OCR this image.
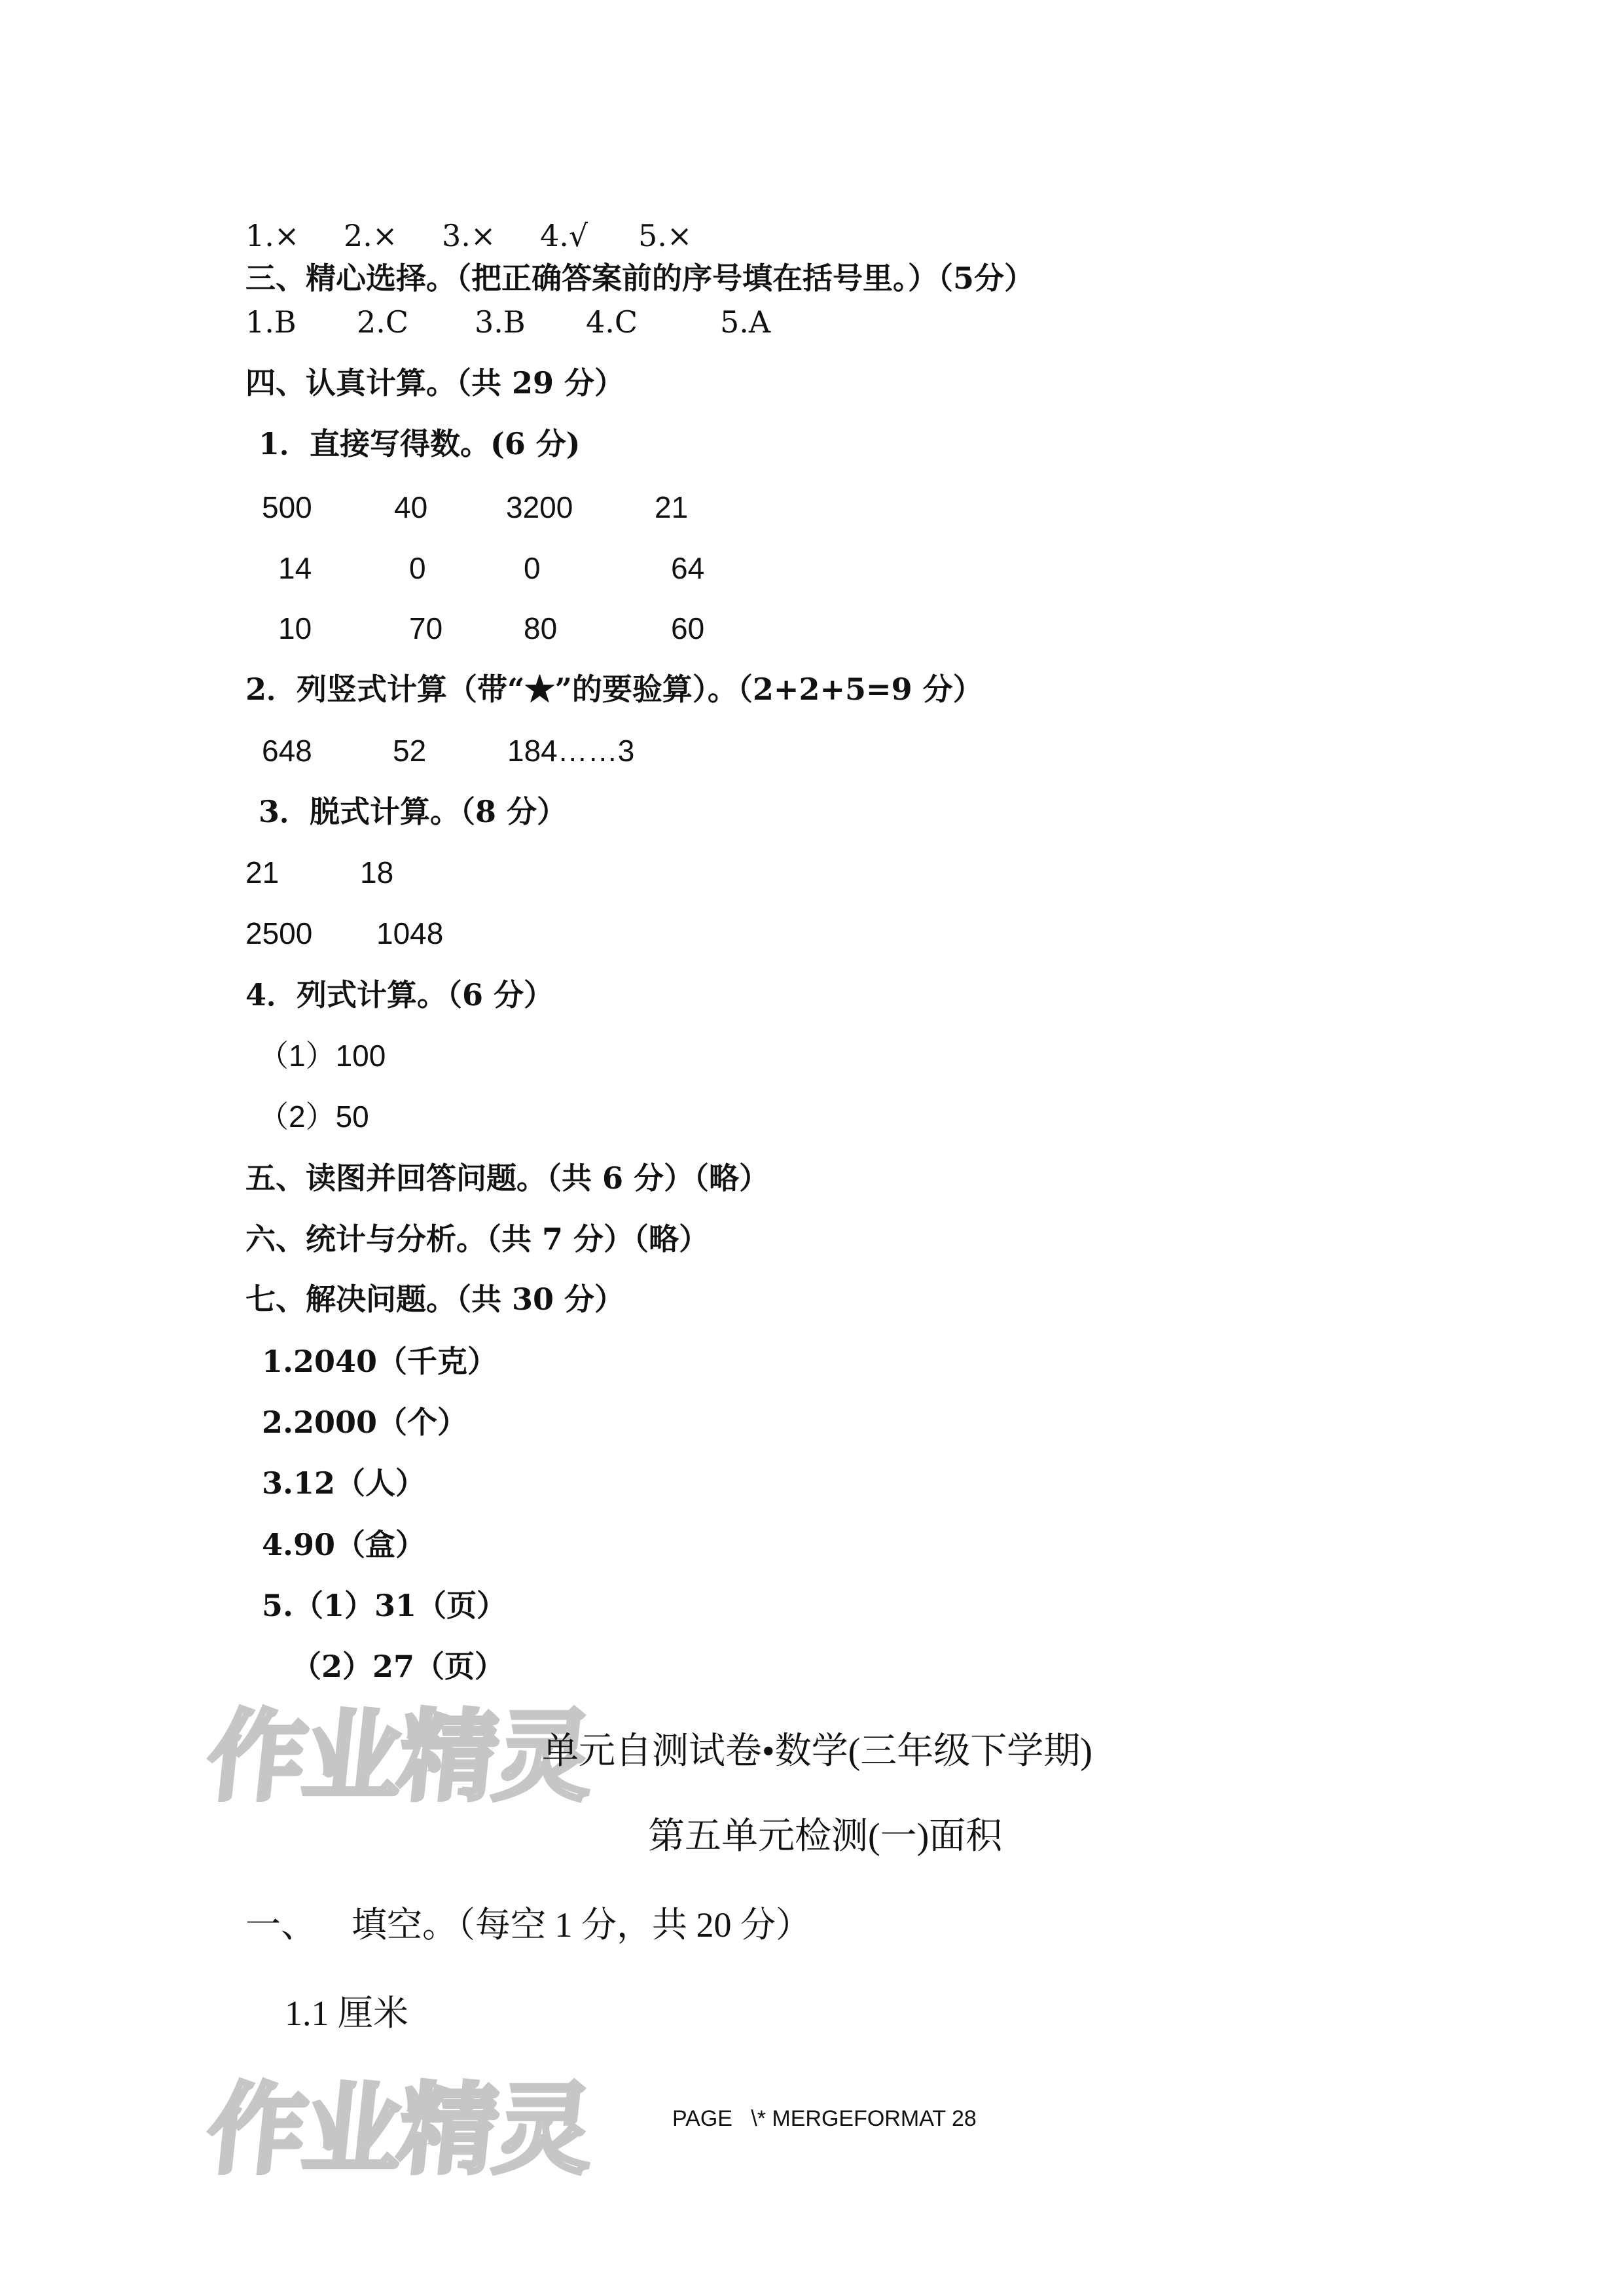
1.× 2.× 3.× 4.√ 5.×
三、精心选择。（把正确答案前的序号填在括号里。）（5分）
1.B 2.C 3.B 4.C	5.A
四、认真计算。（共 29 分）
1．直接写得数。(6 分)
500	40	3200	21
14	0	0	64
10	70	80	60
2．列竖式计算（带“★”的要验算）。（2+2+5=9 分）
648	52	184……3
3．脱式计算。（8 分）
21	18
2500 1048
4．列式计算。（6 分）
（1）100
（2）50
五、读图并回答问题。（共 6 分）（略）
六、统计与分析。（共 7 分）（略）
七、解决问题。（共 30 分）
1.2040（千克）
2.2000（个）
3.12（人）
4.90（盒）
5.（1）31（页）
（2）27（页）
作业精灵
单元自测试卷•数学(三年级下学期)
第五单元检测(一)面积
一、    填空。（每空 1 分，共 20 分）
1.1 厘米
作业精灵	PAGE   \* MERGEFORMAT 28
